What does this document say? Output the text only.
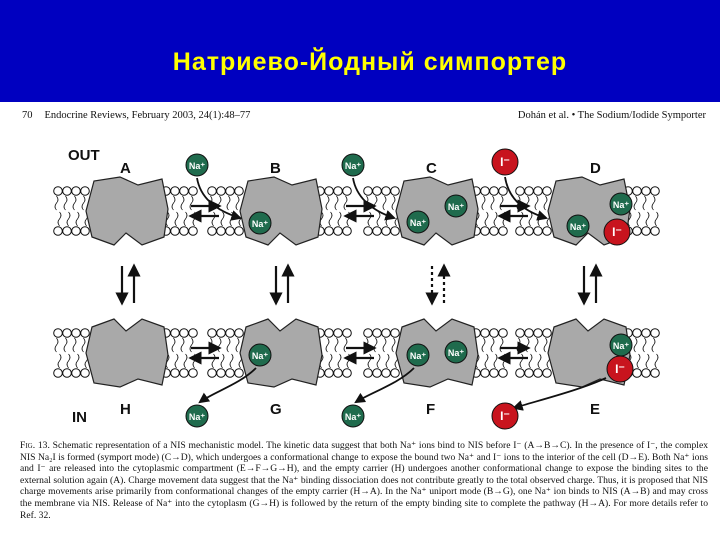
Натриево-Йодный симпортер
70 Endocrine Reviews, February 2003, 24(1):48–77	Dohán et al. • The Sodium/Iodide Symporter
Na⁺
Na⁺
Na⁺
Na⁺
Na⁺
I⁻
Na⁺
Na⁺ I⁻
Na⁺
Na⁺
Na⁺ Na⁺
Na⁺
Na⁺
I⁻
I⁻
OUT
IN
A	B	C	D
H	G	F	E
Fig. 13. Schematic representation of a NIS mechanistic model. The kinetic data suggest that both Na⁺ ions bind to NIS before I⁻ (A→B→C). In the presence of I⁻, the complex NIS Na₂I is formed (symport mode) (C→D), which undergoes a conformational change to expose the bound two Na⁺ and I⁻ ions to the interior of the cell (D→E). Both Na⁺ ions and I⁻ are released into the cytoplasmic compartment (E→F→G→H), and the empty carrier (H) undergoes another conformational change to expose the binding sites to the external solution again (A). Charge movement data suggest that the Na⁺ binding dissociation does not contribute greatly to the total observed charge. Thus, it is proposed that NIS charge movements arise primarily from conformational changes of the empty carrier (H→A). In the Na⁺ uniport mode (B→G), one Na⁺ ion binds to NIS (A→B) and may cross the membrane via NIS. Release of Na⁺ into the cytoplasm (G→H) is followed by the return of the empty binding site to complete the pathway (H→A). For more details refer to Ref. 32.
